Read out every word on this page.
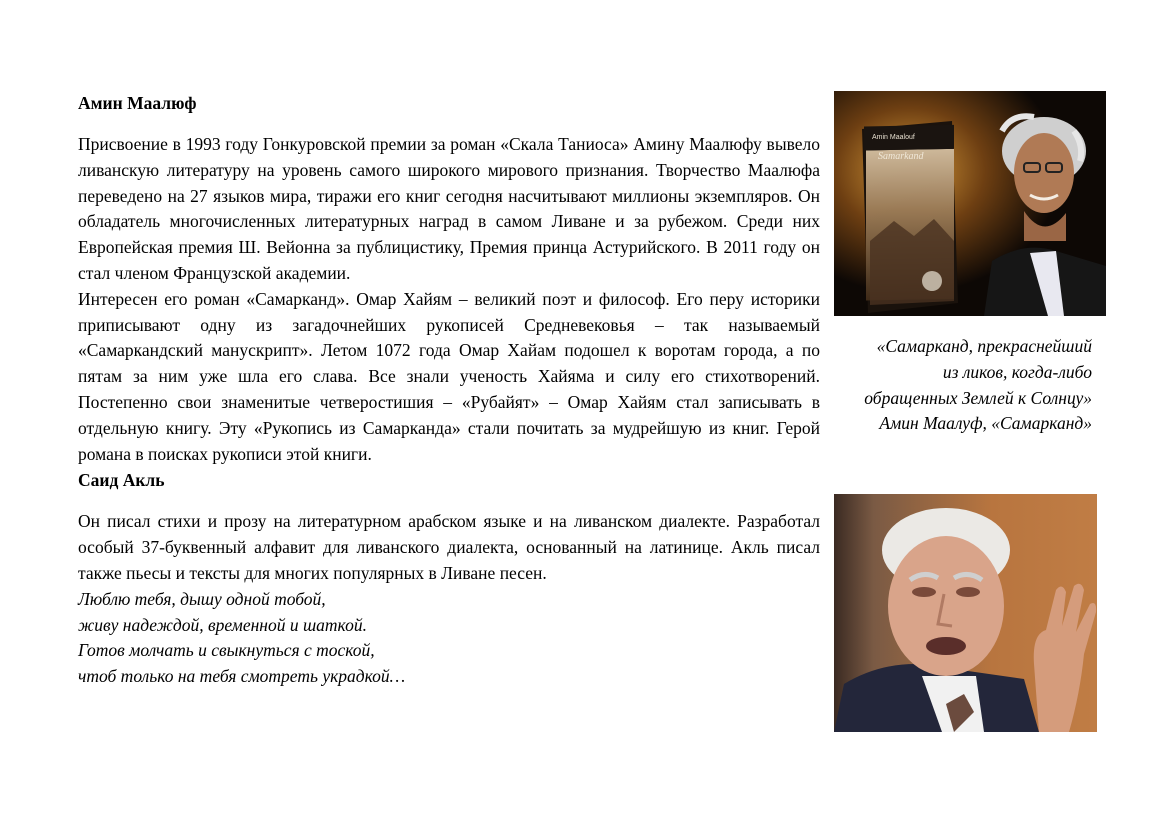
Амин Маалюф

Присвоение в 1993 году Гонкуровской премии за роман «Скала Таниоса» Амину Маалюфу вывело ливанскую литературу на уровень самого широкого мирового признания. Творчество Маалюфа переведено на 27 языков мира, тиражи его книг сегодня насчитывают миллионы экземпляров. Он обладатель многочисленных литературных наград в самом Ливане и за рубежом. Среди них Европейская премия Ш. Вейонна за публицистику, Премия принца Астурийского. В 2011 году он стал членом Французской академии.

Интересен его роман «Самарканд». Омар Хайям – великий поэт и философ. Его перу историки приписывают одну из загадочнейших рукописей Средневековья – так называемый «Самаркандский манускрипт». Летом 1072 года Омар Хайам подошел к воротам города, а по пятам за ним уже шла его слава. Все знали ученость Хайяма и силу его стихотворений. Постепенно свои знаменитые четверостишия – «Рубайят» – Омар Хайям стал записывать в отдельную книгу. Эту «Рукопись из Самарканда» стали почитать за мудрейшую из книг. Герой романа в поисках рукописи этой книги.

Саид Акль

Он писал стихи и прозу на литературном арабском языке и на ливанском диалекте. Разработал особый 37-буквенный алфавит для ливанского диалекта, основанный на латинице. Акль писал также пьесы и тексты для многих популярных в Ливане песен.

Люблю тебя, дышу одной тобой,
живу надеждой, временной и шаткой.
Готов молчать и свыкнуться с тоской,
чтоб только на тебя смотреть украдкой…
Amin Maalouf
Samarkand
«Самарканд, прекраснейший
из ликов, когда-либо
обращенных Землей к Солнцу»
Амин Маалуф, «Самарканд»
